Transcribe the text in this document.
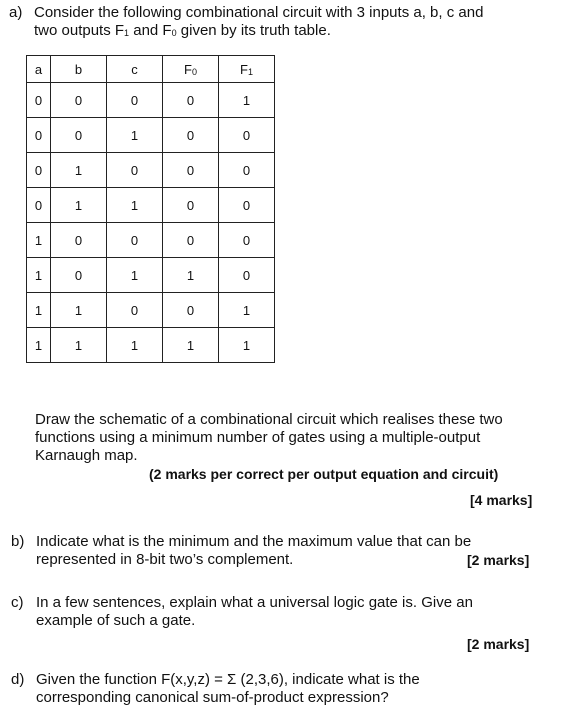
a) Consider the following combinational circuit with 3 inputs a, b, c and
two outputs F1 and F0 given by its truth table.
a	b	c	F0	F1
0	0	0	0	1
0	0	1	0	0
0	1	0	0	0
0	1	1	0	0
1	0	0	0	0
1	0	1	1	0
1	1	0	0	1
1	1	1	1	1
Draw the schematic of a combinational circuit which realises these two
functions using a minimum number of gates using a multiple-output
Karnaugh map.
(2 marks per correct per output equation and circuit)
[4 marks]
b) Indicate what is the minimum and the maximum value that can be
represented in 8-bit two’s complement.	[2 marks]
c) In a few sentences, explain what a universal logic gate is. Give an
example of such a gate.
[2 marks]
d) Given the function F(x,y,z) = Σ (2,3,6), indicate what is the
corresponding canonical sum-of-product expression?
